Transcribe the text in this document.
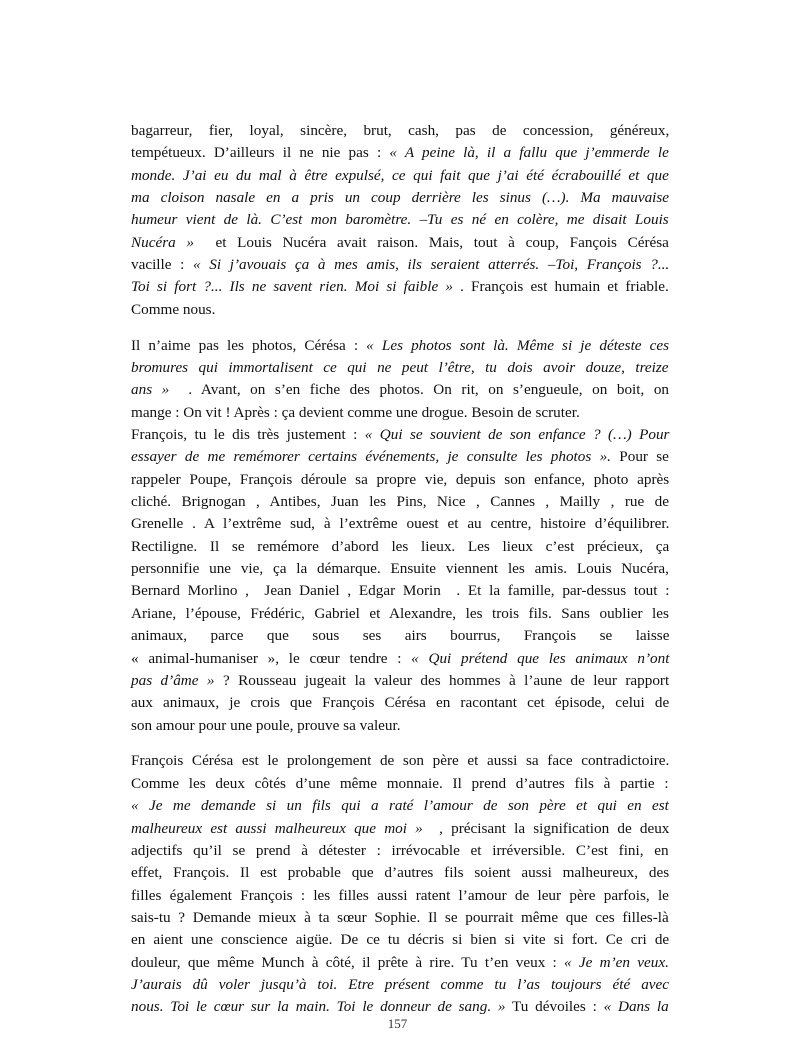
bagarreur, fier, loyal, sincère, brut, cash, pas de concession, généreux,
tempétueux. D’ailleurs il ne nie pas : « A peine là, il a fallu que j’emmerde le
monde. J’ai eu du mal à être expulsé, ce qui fait que j’ai été écrabouillé et que
ma cloison nasale en a pris un coup derrière les sinus (…). Ma mauvaise
humeur vient de là. C’est mon baromètre. –Tu es né en colère, me disait Louis
Nucéra »  et Louis Nucéra avait raison. Mais, tout à coup, Fançois Cérésa
vacille : « Si j’avouais ça à mes amis, ils seraient atterrés. –Toi, François ?...
Toi si fort ?... Ils ne savent rien. Moi si faible » . François est humain et friable.
Comme nous.
Il n’aime pas les photos, Cérésa : « Les photos sont là. Même si je déteste ces
bromures qui immortalisent ce qui ne peut l’être, tu dois avoir douze, treize
ans »  . Avant, on s’en fiche des photos. On rit, on s’engueule, on boit, on
mange : On vit ! Après : ça devient comme une drogue. Besoin de scruter.
François, tu le dis très justement : « Qui se souvient de son enfance ? (…) Pour
essayer de me remémorer certains événements, je consulte les photos ». Pour se
rappeler Poupe, François déroule sa propre vie, depuis son enfance, photo après
cliché. Brignogan , Antibes, Juan les Pins, Nice , Cannes , Mailly , rue de
Grenelle . A l’extrême sud, à l’extrême ouest et au centre, histoire d’équilibrer.
Rectiligne. Il se remémore d’abord les lieux. Les lieux c’est précieux, ça
personnifie une vie, ça la démarque. Ensuite viennent les amis. Louis Nucéra,
Bernard Morlino ,  Jean Daniel , Edgar Morin  . Et la famille, par-dessus tout :
Ariane, l’épouse, Frédéric, Gabriel et Alexandre, les trois fils. Sans oublier les
animaux, parce que sous ses airs bourrus, François se laisse
« animal-humaniser », le cœur tendre : « Qui prétend que les animaux n’ont
pas d’âme » ? Rousseau jugeait la valeur des hommes à l’aune de leur rapport
aux animaux, je crois que François Cérésa en racontant cet épisode, celui de
son amour pour une poule, prouve sa valeur.
François Cérésa est le prolongement de son père et aussi sa face contradictoire.
Comme les deux côtés d’une même monnaie. Il prend d’autres fils à partie :
« Je me demande si un fils qui a raté l’amour de son père et qui en est
malheureux est aussi malheureux que moi »  , précisant la signification de deux
adjectifs qu’il se prend à détester : irrévocable et irréversible. C’est fini, en
effet, François. Il est probable que d’autres fils soient aussi malheureux, des
filles également François : les filles aussi ratent l’amour de leur père parfois, le
sais-tu ? Demande mieux à ta sœur Sophie. Il se pourrait même que ces filles-là
en aient une conscience aigüe. De ce tu décris si bien si vite si fort. Ce cri de
douleur, que même Munch à côté, il prête à rire. Tu t’en veux : « Je m’en veux.
J’aurais dû voler jusqu’à toi. Etre présent comme tu l’as toujours été avec
nous. Toi le cœur sur la main. Toi le donneur de sang. » Tu dévoiles : « Dans la
157
